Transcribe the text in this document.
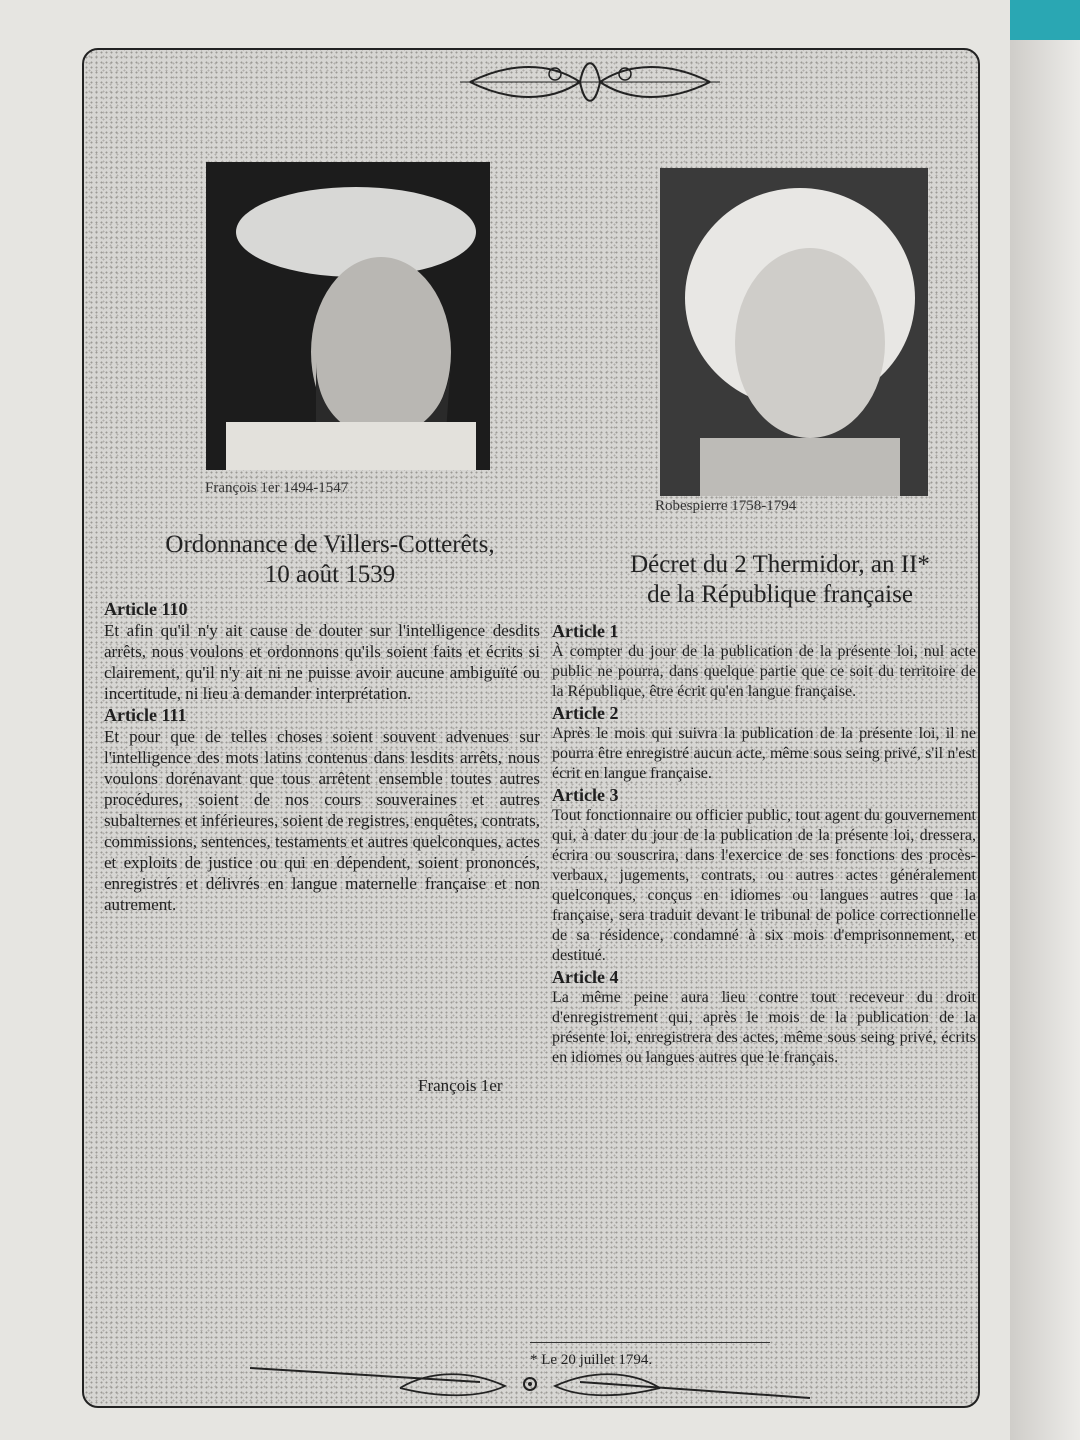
François 1er 1494-1547
Robespierre 1758-1794
Ordonnance de Villers-Cotterêts,
10 août 1539	Décret du 2 Thermidor, an II*
de la République française
Article 110
Et afin qu'il n'y ait cause de douter sur l'intelligence desdits arrêts, nous voulons et ordonnons qu'ils soient faits et écrits si clairement, qu'il n'y ait ni ne puisse avoir aucune ambiguïté ou incertitude, ni lieu à demander interprétation.
Article 111
Et pour que de telles choses soient souvent advenues sur l'intelligence des mots latins contenus dans lesdits arrêts, nous voulons dorénavant que tous arrêtent ensemble toutes autres procédures, soient de nos cours souveraines et autres subalternes et inférieures, soient de registres, enquêtes, contrats, commissions, sentences, testaments et autres quelconques, actes et exploits de justice ou qui en dépendent, soient prononcés, enregistrés et délivrés en langue maternelle française et non autrement.
François 1er
Article 1
À compter du jour de la publication de la présente loi, nul acte public ne pourra, dans quelque partie que ce soit du territoire de la République, être écrit qu'en langue française.
Article 2
Après le mois qui suivra la publication de la présente loi, il ne pourra être enregistré aucun acte, même sous seing privé, s'il n'est écrit en langue française.
Article 3
Tout fonctionnaire ou officier public, tout agent du gouvernement qui, à dater du jour de la publication de la présente loi, dressera, écrira ou souscrira, dans l'exercice de ses fonctions des procès-verbaux, jugements, contrats, ou autres actes généralement quelconques, conçus en idiomes ou langues autres que la française, sera traduit devant le tribunal de police correctionnelle de sa résidence, condamné à six mois d'emprisonnement, et destitué.
Article 4
La même peine aura lieu contre tout receveur du droit d'enregistrement qui, après le mois de la publication de la présente loi, enregistrera des actes, même sous seing privé, écrits en idiomes ou langues autres que le français.
* Le 20 juillet 1794.
